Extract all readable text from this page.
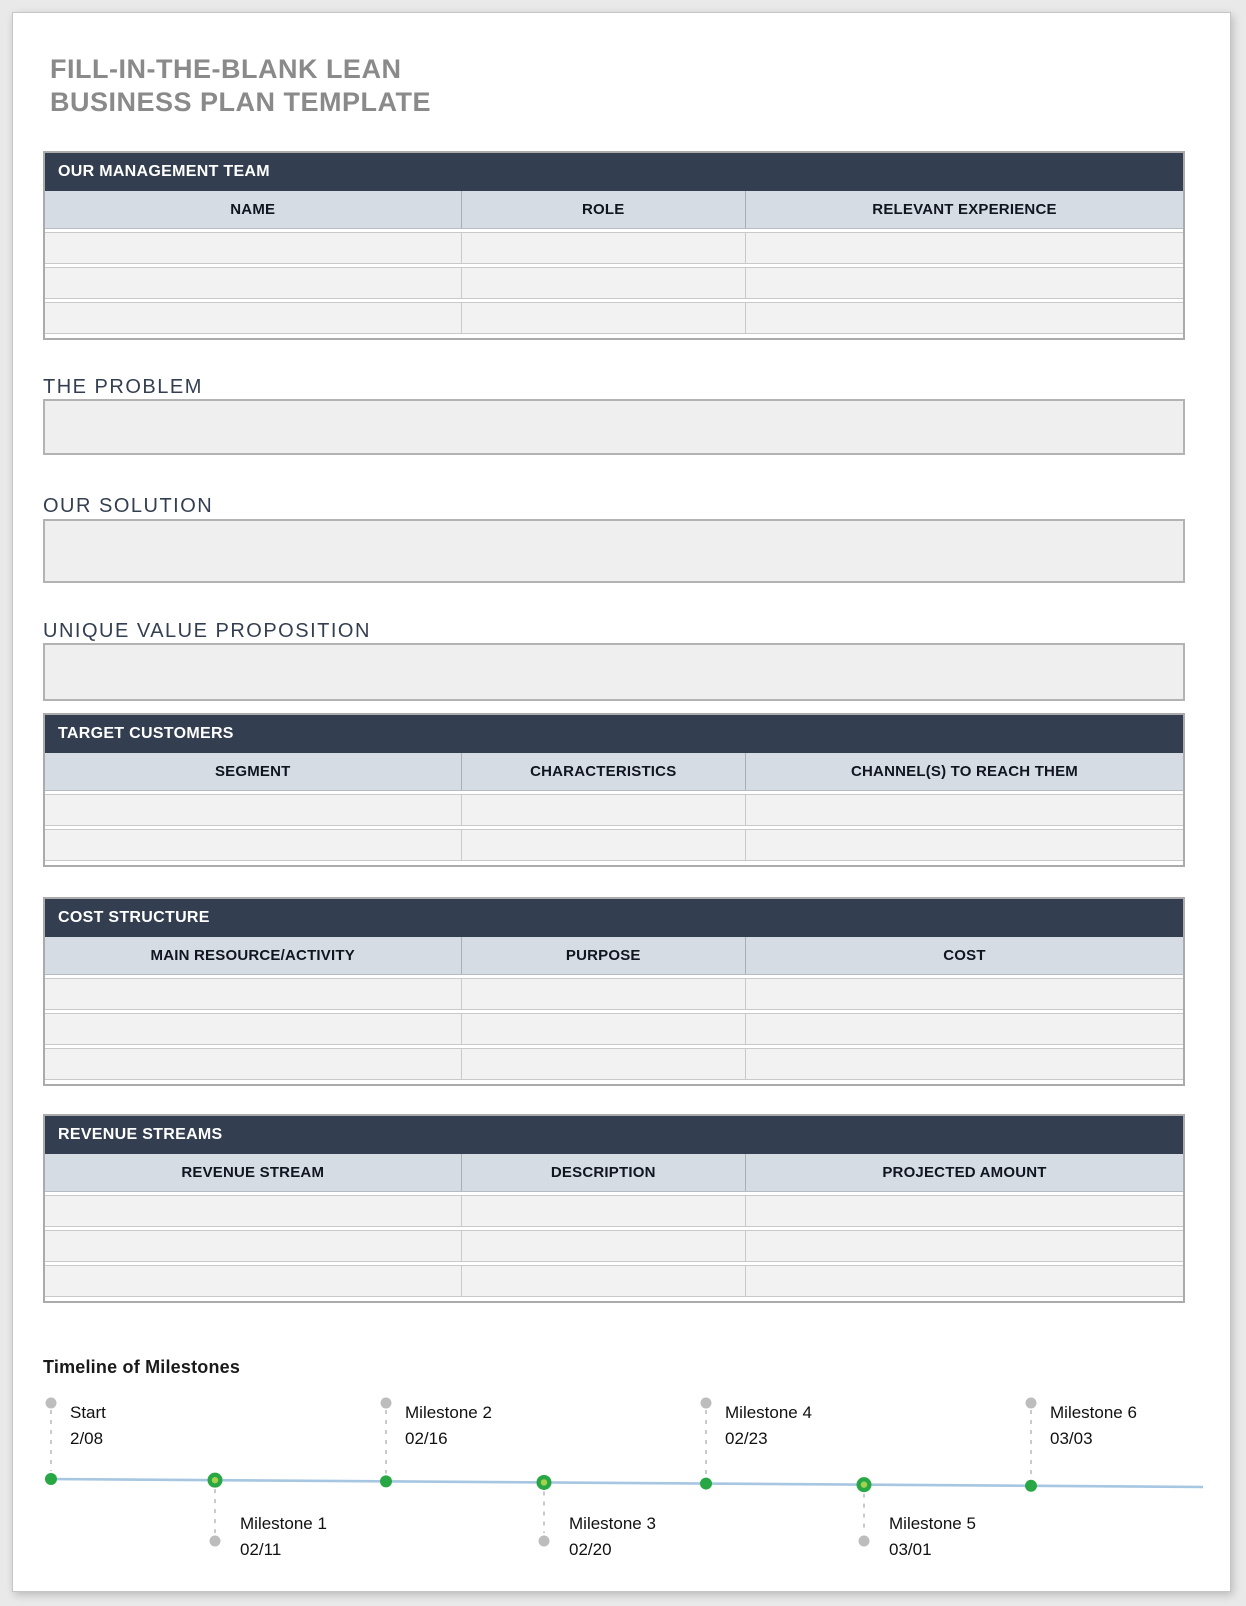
FILL-IN-THE-BLANK LEAN
BUSINESS PLAN TEMPLATE
OUR MANAGEMENT TEAM
NAME	ROLE	RELEVANT EXPERIENCE
THE PROBLEM
OUR SOLUTION
UNIQUE VALUE PROPOSITION
TARGET CUSTOMERS
SEGMENT	CHARACTERISTICS	CHANNEL(S) TO REACH THEM
COST STRUCTURE
MAIN RESOURCE/ACTIVITY	PURPOSE	COST
REVENUE STREAMS
REVENUE STREAM	DESCRIPTION	PROJECTED AMOUNT
Timeline of Milestones
Start
2/08
Milestone 1
02/11
Milestone 2
02/16
Milestone 3
02/20
Milestone 4
02/23
Milestone 5
03/01
Milestone 6
03/03
